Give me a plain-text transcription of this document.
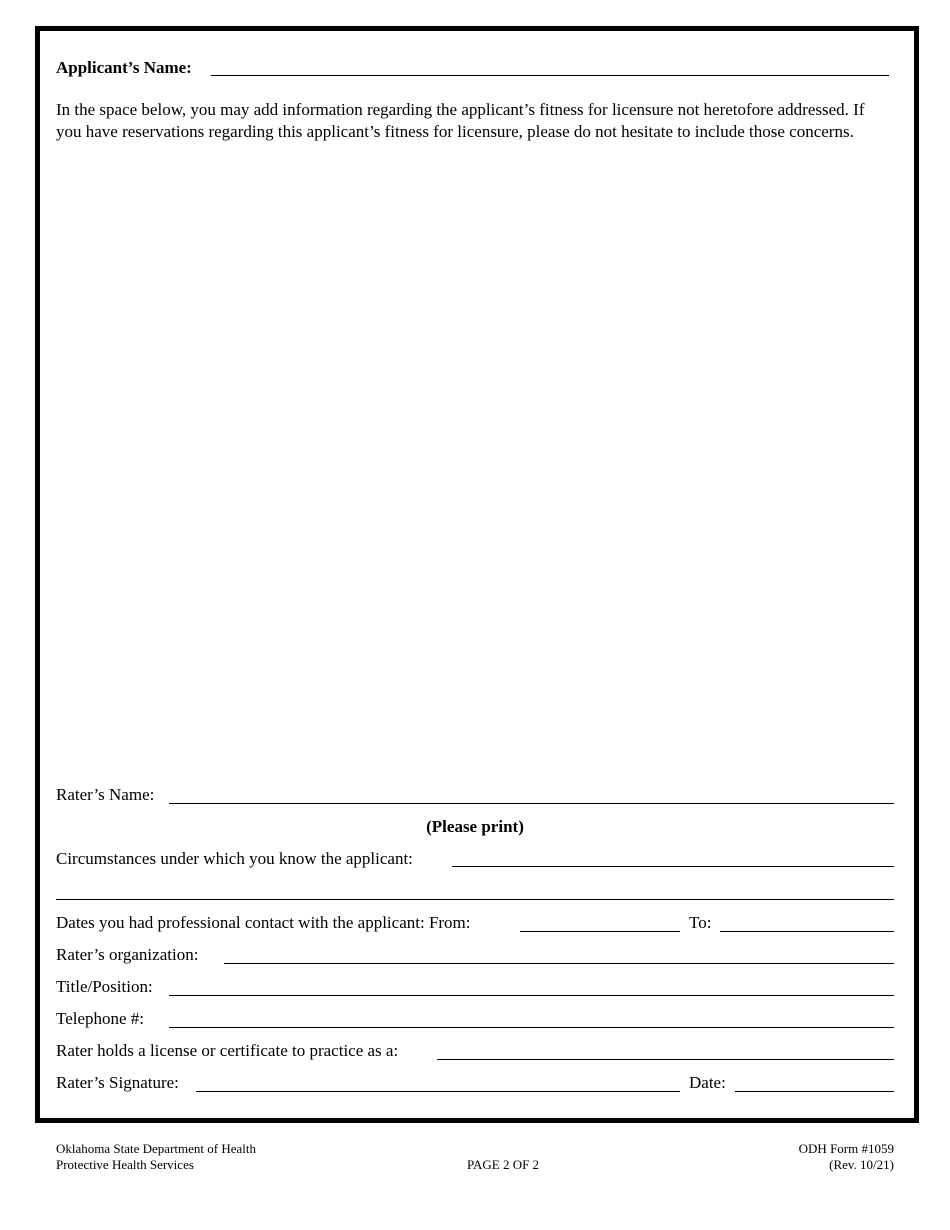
Applicant’s Name:
In the space below, you may add information regarding the applicant’s fitness for licensure not heretofore addressed. If you have reservations regarding this applicant’s fitness for licensure, please do not hesitate to include those concerns.
Rater’s Name:
(Please print)
Circumstances under which you know the applicant:
Dates you had professional contact with the applicant: From:	To:
Rater’s organization:
Title/Position:
Telephone #:
Rater holds a license or certificate to practice as a:
Rater’s Signature:	Date:
Oklahoma State Department of Health
Protective Health Services	PAGE 2 OF 2
ODH Form #1059
(Rev. 10/21)
